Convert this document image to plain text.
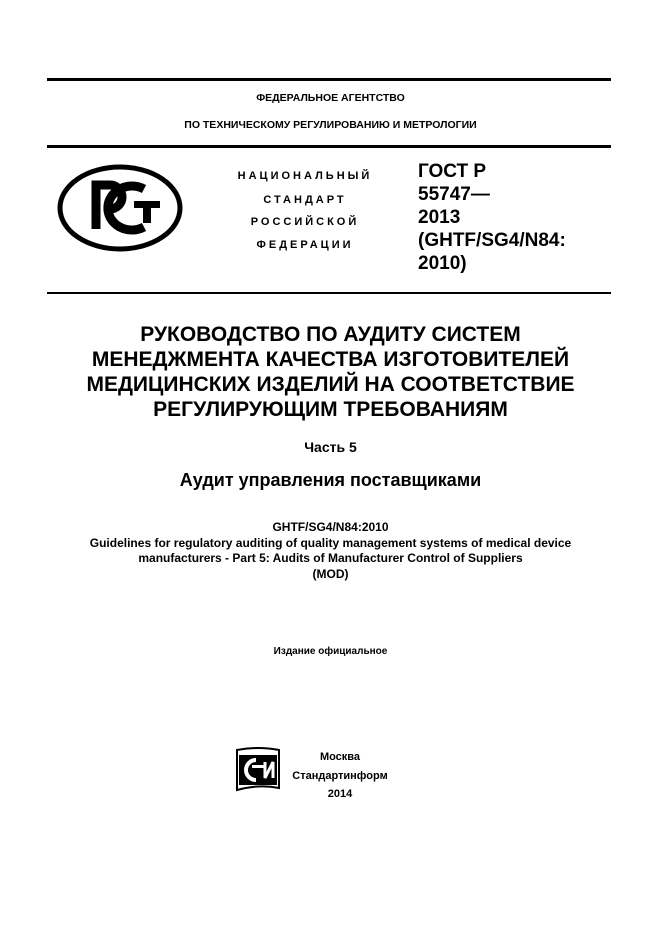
ФЕДЕРАЛЬНОЕ АГЕНТСТВО
ПО ТЕХНИЧЕСКОМУ РЕГУЛИРОВАНИЮ И МЕТРОЛОГИИ
НАЦИОНАЛЬНЫЙ
СТАНДАРТ
РОССИЙСКОЙ
ФЕДЕРАЦИИ
ГОСТ Р
55747—
2013
(GHTF/SG4/N84:
2010)
РУКОВОДСТВО ПО АУДИТУ СИСТЕМ
МЕНЕДЖМЕНТА КАЧЕСТВА ИЗГОТОВИТЕЛЕЙ
МЕДИЦИНСКИХ ИЗДЕЛИЙ НА СООТВЕТСТВИЕ
РЕГУЛИРУЮЩИМ ТРЕБОВАНИЯМ
Часть 5
Аудит управления поставщиками
GHTF/SG4/N84:2010
Guidelines for regulatory auditing of quality management systems of medical device
manufacturers - Part 5: Audits of Manufacturer Control of Suppliers
(MOD)
Издание официальное
Москва
Стандартинформ
2014
